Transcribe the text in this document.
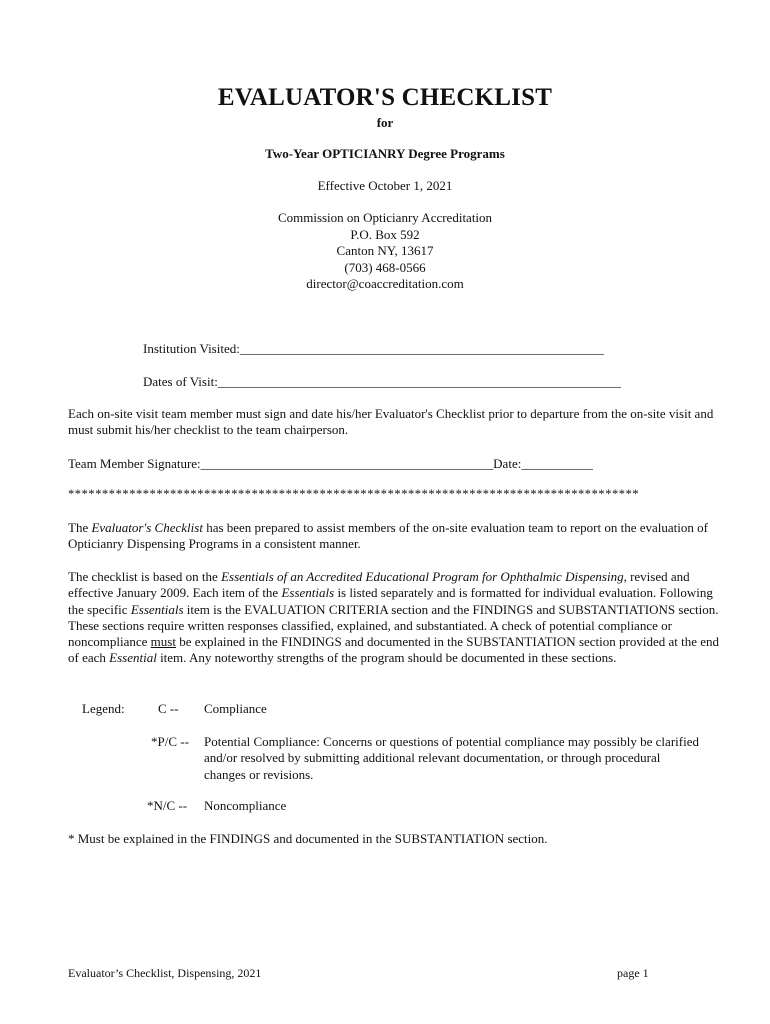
EVALUATOR'S CHECKLIST
for
Two-Year OPTICIANRY Degree Programs
Effective October 1, 2021
Commission on Opticianry Accreditation
P.O. Box 592
Canton NY, 13617
(703) 468-0566
director@coaccreditation.com
Institution Visited:________________________________________________________
Dates of Visit:______________________________________________________________
Each on-site visit team member must sign and date his/her Evaluator's Checklist prior to departure from the on-site visit and must submit his/her checklist to the team chairperson.
Team Member Signature:_____________________________________________Date:___________
************************************************************************************
The Evaluator's Checklist has been prepared to assist members of the on-site evaluation team to report on the evaluation of Opticianry Dispensing Programs in a consistent manner.
The checklist is based on the Essentials of an Accredited Educational Program for Ophthalmic Dispensing, revised and effective January 2009. Each item of the Essentials is listed separately and is formatted for individual evaluation. Following the specific Essentials item is the EVALUATION CRITERIA section and the FINDINGS and SUBSTANTIATIONS section. These sections require written responses classified, explained, and substantiated. A check of potential compliance or noncompliance must be explained in the FINDINGS and documented in the SUBSTANTIATION section provided at the end of each Essential item. Any noteworthy strengths of the program should be documented in these sections.
Legend:	C -- Compliance
*P/C -- Potential Compliance: Concerns or questions of potential compliance may possibly be clarified and/or resolved by submitting additional relevant documentation, or through procedural changes or revisions.
*N/C -- Noncompliance
* Must be explained in the FINDINGS and documented in the SUBSTANTIATION section.
Evaluator’s Checklist, Dispensing, 2021	page 1
